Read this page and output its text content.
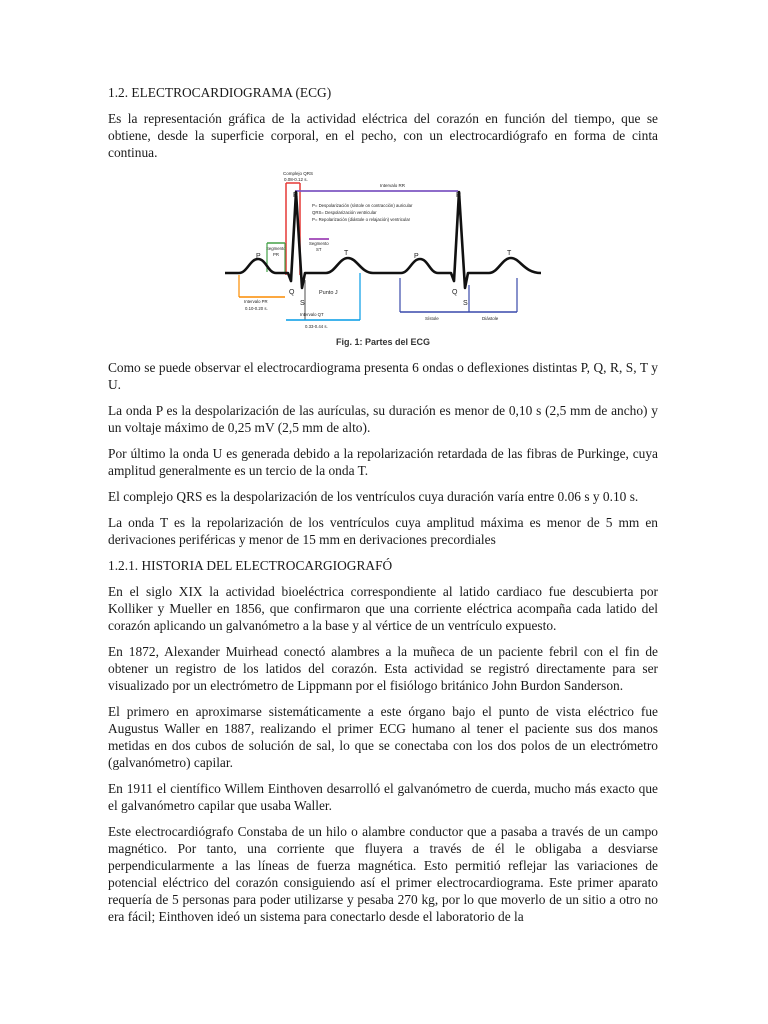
1.2. ELECTROCARDIOGRAMA (ECG)

Es la representación gráfica de la actividad eléctrica del corazón en función del tiempo, que se obtiene, desde la superficie corporal, en el pecho, con un electrocardiógrafo en forma de cinta continua.

Complejo QRS
0.08-0.12 s.
Intervalo RR
R	R
P= Despolarización (sístole on contracción) auricular
QRS= Despolarización ventricular
P= Repolarización (diástole o relajación) ventricular
Segmento
PR
Segmento
ST
P	T	P	T
Q
S
Q
S
Punto J
Intervalo PR
0.10-0.20 s.
Intervalo QT
0.33-0.44 s.
Sístole	Diástole
Fig. 1: Partes del ECG

Como se puede observar el electrocardiograma presenta 6 ondas o deflexiones distintas P, Q, R, S, T y U.

La onda P es la despolarización de las aurículas, su duración es menor de 0,10 s (2,5 mm de ancho) y un voltaje máximo de 0,25 mV (2,5 mm de alto).

Por último la onda U es generada debido a la repolarización retardada de las fibras de Purkinge, cuya amplitud generalmente es un tercio de la onda T.

El complejo QRS es la despolarización de los ventrículos cuya duración varía entre 0.06 s y 0.10 s.

La onda T es la repolarización de los ventrículos cuya amplitud máxima es menor de 5 mm en derivaciones periféricas y menor de 15 mm en derivaciones precordiales

1.2.1. HISTORIA DEL ELECTROCARGIOGRAFÓ

En el siglo XIX la actividad bioeléctrica correspondiente al latido cardiaco fue descubierta por Kolliker y Mueller en 1856, que confirmaron que una corriente eléctrica acompaña cada latido del corazón aplicando un galvanómetro a la base y al vértice de un ventrículo expuesto.

En 1872, Alexander Muirhead conectó alambres a la muñeca de un paciente febril con el fin de obtener un registro de los latidos del corazón. Esta actividad se registró directamente para ser visualizado por un electrómetro de Lippmann por el fisiólogo británico John Burdon Sanderson.

El primero en aproximarse sistemáticamente a este órgano bajo el punto de vista eléctrico fue Augustus Waller en 1887, realizando el primer ECG humano al tener el paciente sus dos manos metidas en dos cubos de solución de sal, lo que se conectaba con los dos polos de un electrómetro (galvanómetro) capilar.

En 1911 el científico Willem Einthoven desarrolló el galvanómetro de cuerda, mucho más exacto que el galvanómetro capilar que usaba Waller.

Este electrocardiógrafo Constaba de un hilo o alambre conductor que a pasaba a través de un campo magnético. Por tanto, una corriente que fluyera a través de él le obligaba a desviarse perpendicularmente a las líneas de fuerza magnética. Esto permitió reflejar las variaciones de potencial eléctrico del corazón consiguiendo así el primer electrocardiograma. Este primer aparato requería de 5 personas para poder utilizarse y pesaba 270 kg, por lo que moverlo de un sitio a otro no era fácil; Einthoven ideó un sistema para conectarlo desde el laboratorio de la
